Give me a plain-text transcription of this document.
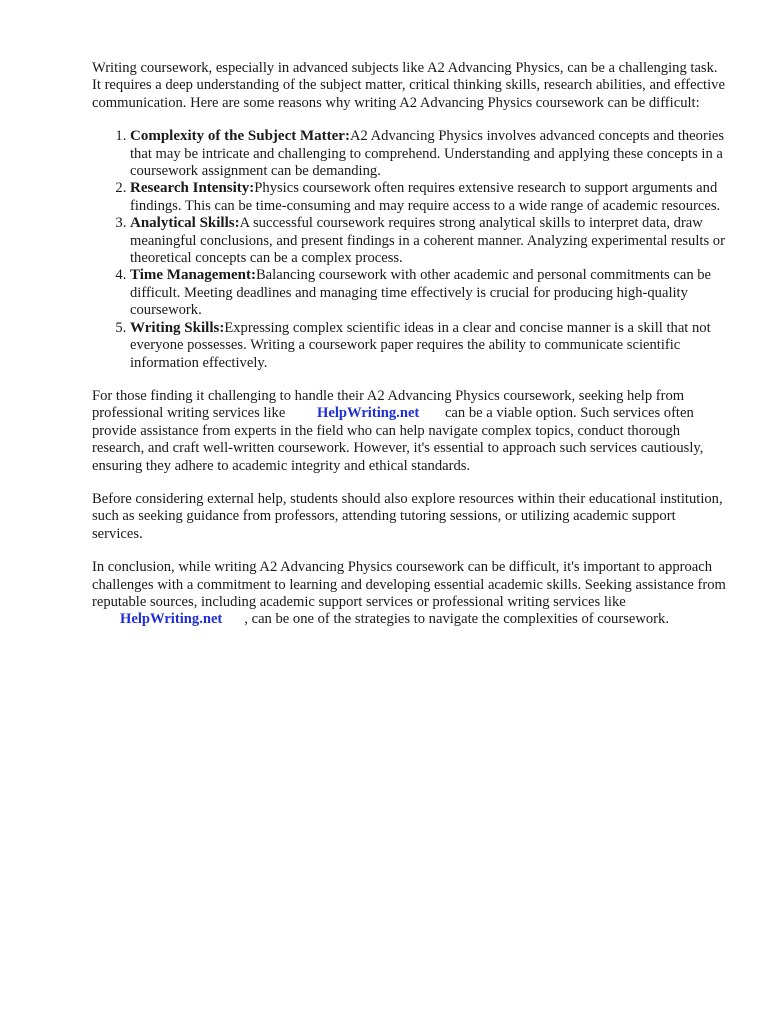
Writing coursework, especially in advanced subjects like A2 Advancing Physics, can be a challenging task. It requires a deep understanding of the subject matter, critical thinking skills, research abilities, and effective communication. Here are some reasons why writing A2 Advancing Physics coursework can be difficult:

1. Complexity of the Subject Matter:A2 Advancing Physics involves advanced concepts and theories that may be intricate and challenging to comprehend. Understanding and applying these concepts in a coursework assignment can be demanding.
2. Research Intensity:Physics coursework often requires extensive research to support arguments and findings. This can be time-consuming and may require access to a wide range of academic resources.
3. Analytical Skills:A successful coursework requires strong analytical skills to interpret data, draw meaningful conclusions, and present findings in a coherent manner. Analyzing experimental results or theoretical concepts can be a complex process.
4. Time Management:Balancing coursework with other academic and personal commitments can be difficult. Meeting deadlines and managing time effectively is crucial for producing high-quality coursework.
5. Writing Skills:Expressing complex scientific ideas in a clear and concise manner is a skill that not everyone possesses. Writing a coursework paper requires the ability to communicate scientific information effectively.

For those finding it challenging to handle their A2 Advancing Physics coursework, seeking help from professional writing services like HelpWriting.net can be a viable option. Such services often provide assistance from experts in the field who can help navigate complex topics, conduct thorough research, and craft well-written coursework. However, it's essential to approach such services cautiously, ensuring they adhere to academic integrity and ethical standards.

Before considering external help, students should also explore resources within their educational institution, such as seeking guidance from professors, attending tutoring sessions, or utilizing academic support services.

In conclusion, while writing A2 Advancing Physics coursework can be difficult, it's important to approach challenges with a commitment to learning and developing essential academic skills. Seeking assistance from reputable sources, including academic support services or professional writing services like HelpWriting.net , can be one of the strategies to navigate the complexities of coursework.
